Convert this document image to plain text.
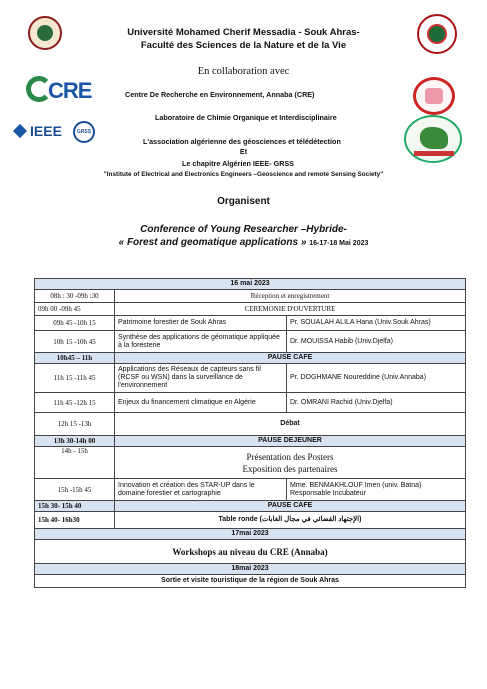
CRE
IEEE	GRSS
Université Mohamed Cherif Messadia - Souk Ahras-
Faculté des Sciences de la Nature et de la Vie
En collaboration avec
Centre De Recherche en Environnement, Annaba (CRE)
Laboratoire de Chimie Organique et Interdisciplinaire
L'association algérienne des géosciences et télédétection
Et
Le chapitre Algérien IEEE- GRSS
"Institute of Electrical and Electronics Engineers –Geoscience and remote Sensing Society"
Organisent
Conference of Young Researcher –Hybride-
« Forest and geomatique applications » 16-17-18 Mai 2023
16 mai 2023		
08h : 30 -09h :30	Réception et enregistrement	
09h 00 -09h 45	CEREMONIE D'OUVERTURE	
09h 45 -10h 15	Patrimoine forestier de Souk Ahras	Pr. SOUALAH ALILA Hana (Univ.Souk Ahras)
10h 15 -10h 45	Synthèse des applications de géomatique appliquée à la foresterie	Dr. MOUISSA Habib (Univ.Djelfa)
10h45 – 11h	PAUSE CAFE	
11h 15 -11h 45	Applications des Réseaux de capteurs sans fil (RCSF ou WSN) dans la surveillance de l'environnement	Pr. DOGHMANE Noureddine (Univ.Annaba)
11h 45 -12h 15	Enjeux du financement climatique en Algérie	Dr. OMRANI Rachid (Univ.Djelfa)
12h 15 -13h	Débat	
13h 30-14h 00	PAUSE DEJEUNER	
14h - 15h	Présentation des Posters
Exposition des partenaires	

15h -15h 45	Innovation et création des STAR-UP dans le domaine forestier et cartographie	Mme. BENMAKHLOUF Imen (univ. Batna) Responsable Incubateur
15h 30- 15h 40	PAUSE CAFE	
15h 40- 16h30	Table ronde (الإجتهاد القضائي في مجال الغابات)	
17mai 2023		
Workshops au niveau du CRE (Annaba)		
18mai 2023		
Sortie et visite touristique de la région de Souk Ahras		
